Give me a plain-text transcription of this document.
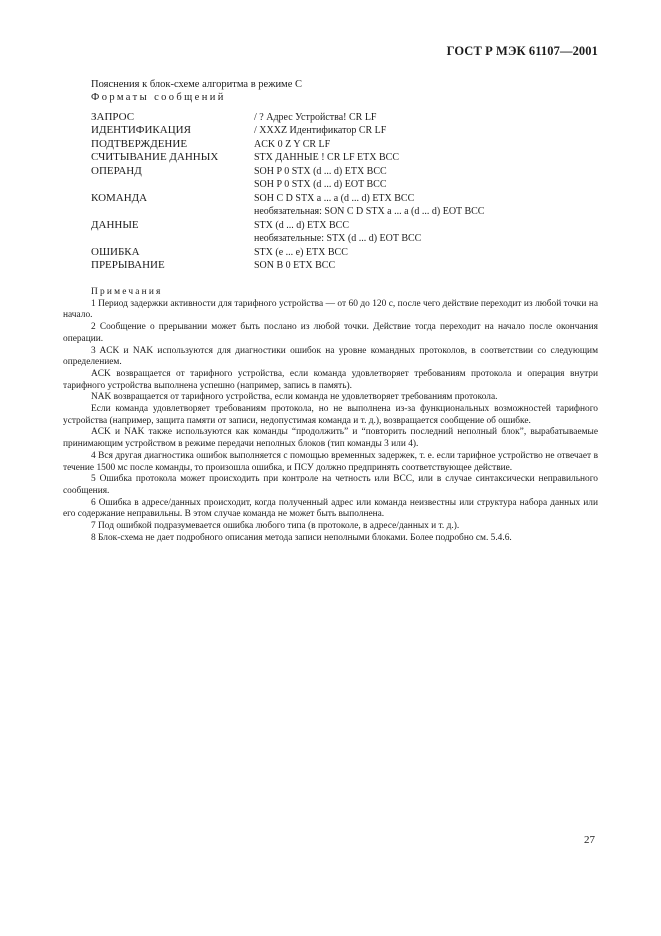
ГОСТ Р МЭК 61107—2001
Пояснения к блок-схеме алгоритма в режиме С
Форматы сообщений
ЗАПРОС	/ ? Адрес Устройства! CR LF
ИДЕНТИФИКАЦИЯ	/ XXXZ Идентификатор CR LF
ПОДТВЕРЖДЕНИЕ	ACK 0 Z Y CR LF
СЧИТЫВАНИЕ ДАННЫХ	STX ДАННЫЕ ! CR LF ETX BCC
ОПЕРАНД	SOH P 0 STX (d ... d) ETX BCC
	SOH P 0 STX (d ... d) EOT BCC
КОМАНДА	SOH C D STX a ... a (d ... d) ETX BCC
	необязательная: SON C D STX a ... a (d ... d) EOT BCC
ДАННЫЕ	STX (d ... d) ETX BCC
	необязательные: STX (d ... d) EOT BCC
ОШИБКА	STX (e ... e) ETX BCC
ПРЕРЫВАНИЕ	SON B 0 ETX BCC
Примечания

1 Период задержки активности для тарифного устройства — от 60 до 120 с, после чего действие переходит из любой точки на начало.

2 Сообщение о прерывании может быть послано из любой точки. Действие тогда переходит на начало после окончания операции.

3 ACK и NAK используются для диагностики ошибок на уровне командных протоколов, в соответствии со следующим определением.

ACK возвращается от тарифного устройства, если команда удовлетворяет требованиям протокола и операция внутри тарифного устройства выполнена успешно (например, запись в память).

NAK возвращается от тарифного устройства, если команда не удовлетворяет требованиям протокола.

Если команда удовлетворяет требованиям протокола, но не выполнена из-за функциональных возможностей тарифного устройства (например, защита памяти от записи, недопустимая команда и т. д.), возвращается сообщение об ошибке.

ACK и NAK также используются как команды “продолжить” и “повторить последний неполный блок”, вырабатываемые принимающим устройством в режиме передачи неполных блоков (тип команды 3 или 4).

4 Вся другая диагностика ошибок выполняется с помощью временных задержек, т. е. если тарифное устройство не отвечает в течение 1500 мс после команды, то произошла ошибка, и ПСУ должно предпринять соответствующее действие.

5 Ошибка протокола может происходить при контроле на четность или BCC, или в случае синтаксически неправильного сообщения.

6 Ошибка в адресе/данных происходит, когда полученный адрес или команда неизвестны или структура набора данных или его содержание неправильны. В этом случае команда не может быть выполнена.

7 Под ошибкой подразумевается ошибка любого типа (в протоколе, в адресе/данных и т. д.).

8 Блок-схема не дает подробного описания метода записи неполными блоками. Более подробно см. 5.4.6.

27
